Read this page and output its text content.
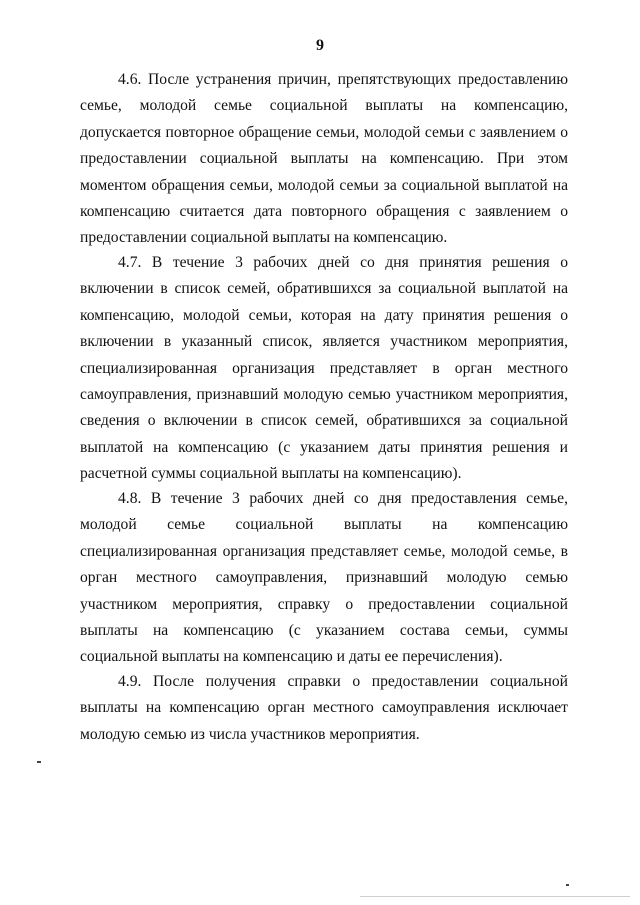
9

4.6. После устранения причин, препятствующих предоставлению семье, молодой семье социальной выплаты на компенсацию, допускается повторное обращение семьи, молодой семьи с заявлением о предоставлении социальной выплаты на компенсацию. При этом моментом обращения семьи, молодой семьи за социальной выплатой на компенсацию считается дата повторного обращения с заявлением о предоставлении социальной выплаты на компенсацию.

4.7. В течение 3 рабочих дней со дня принятия решения о включении в список семей, обратившихся за социальной выплатой на компенсацию, молодой семьи, которая на дату принятия решения о включении в указанный список, является участником мероприятия, специализированная организация представляет в орган местного самоуправления, признавший молодую семью участником мероприятия, сведения о включении в список семей, обратившихся за социальной выплатой на компенсацию (с указанием даты принятия решения и расчетной суммы социальной выплаты на компенсацию).

4.8. В течение 3 рабочих дней со дня предоставления семье, молодой семье социальной выплаты на компенсацию специализированная организация представляет семье, молодой семье, в орган местного самоуправления, признавший молодую семью участником мероприятия, справку о предоставлении социальной выплаты на компенсацию (с указанием состава семьи, суммы социальной выплаты на компенсацию и даты ее перечисления).

4.9. После получения справки о предоставлении социальной выплаты на компенсацию орган местного самоуправления исключает молодую семью из числа участников мероприятия.
